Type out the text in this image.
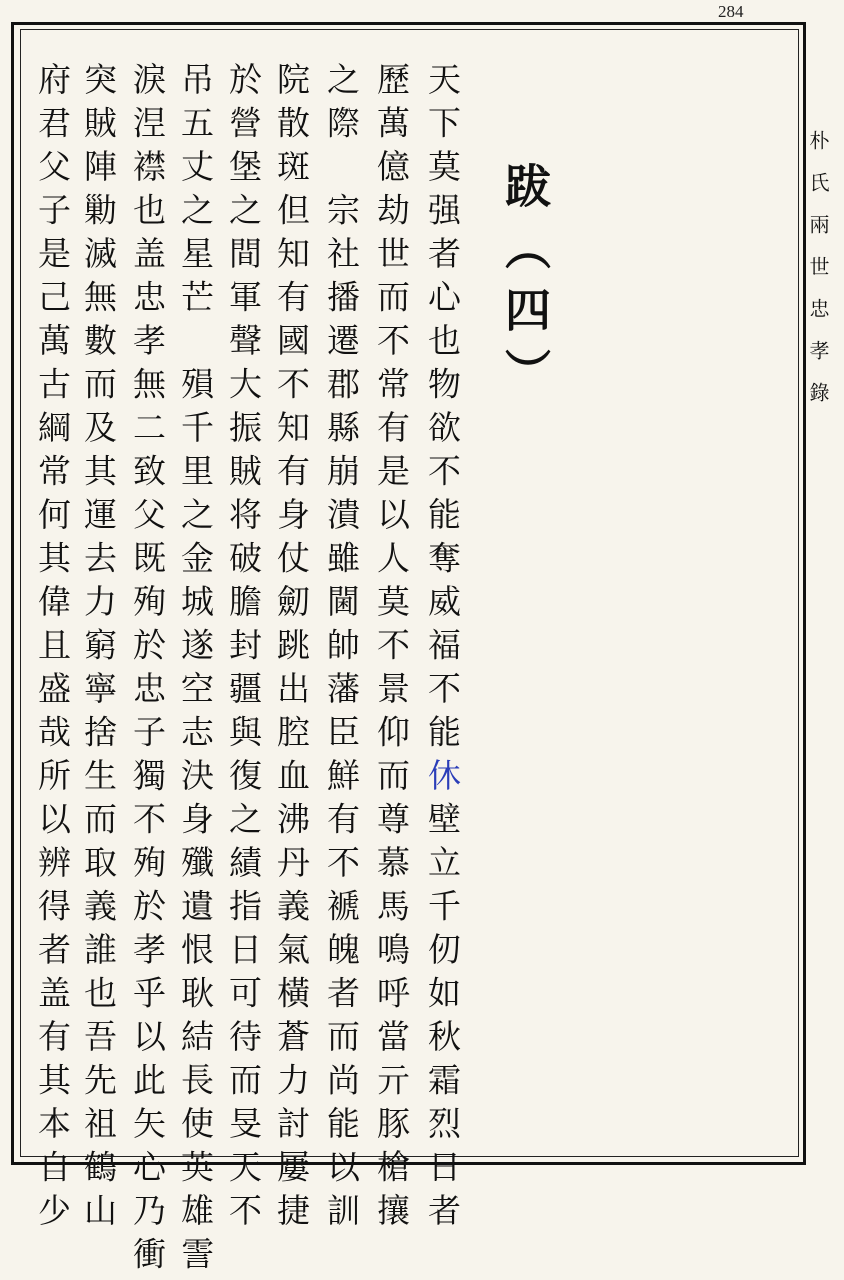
284
朴氏兩世忠孝錄
跋（四）
天下莫强者心也物欲不能奪威福不能休壁立千仞如秋霜烈日者
歷萬億劫世而不常有是以人莫不景仰而尊慕馬鳴呼當亓豚槍攘
之際　宗社播遷郡縣崩潰雖閫帥藩臣鮮有不褫魄者而尚能以訓
院散斑但知有國不知有身仗劎跳出腔血沸丹義氣橫蒼力討屢捷
於營堡之間軍聲大振賊将破膽封疆與復之績指日可待而旻天不
吊五丈之星芒　殞千里之金城遂空志決身殲遺恨耿結長使英雄霅
淚𣵀襟也盖忠孝無二致父既殉於忠子獨不殉於孝乎以此矢心乃衝
突賊陣勦滅無數而及其運去力窮寧捨生而取義誰也吾先祖鶴山
府君父子是己萬古綱常何其偉且盛哉所以辨得者盖有其本自少
